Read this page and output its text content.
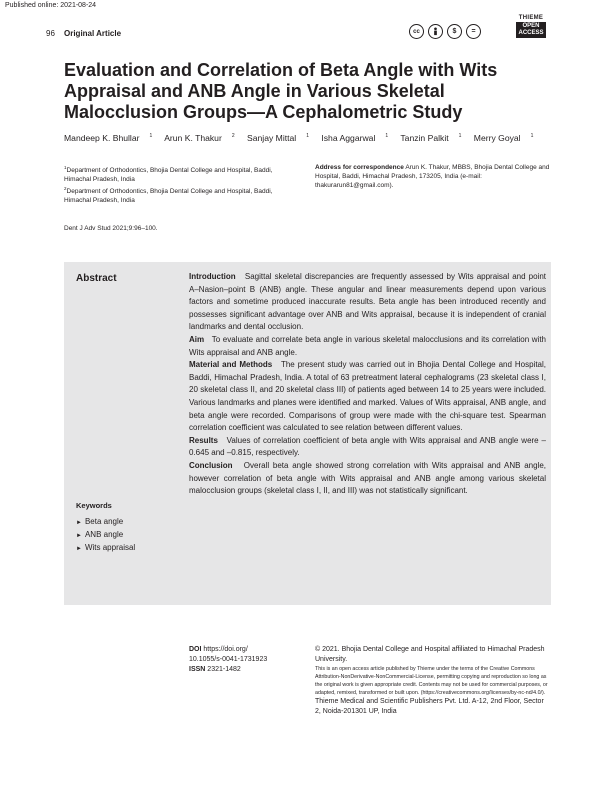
Published online: 2021-08-24
96 Original Article	cc	$ =
THIEME
OPEN
ACCESS
Evaluation and Correlation of Beta Angle with Wits Appraisal and ANB Angle in Various Skeletal Malocclusion Groups—A Cephalometric Study
Mandeep K. Bhullar $^1$ Arun K. Thakur $^2$ Sanjay Mittal $^1$ Isha Aggarwal $^1$ Tanzin Palkit $^1$ Merry Goyal $^1$
$^1$Department of Orthodontics, Bhojia Dental College and Hospital, Baddi, Himachal Pradesh, India
$^2$Department of Orthodontics, Bhojia Dental College and Hospital, Baddi, Himachal Pradesh, India
Address for correspondence Arun K. Thakur, MBBS, Bhojia Dental College and Hospital, Baddi, Himachal Pradesh, 173205, India (e-mail: thakurarun81@gmail.com).
Dent J Adv Stud 2021;9:96–100.
Abstract	Introduction Sagittal skeletal discrepancies are frequently assessed by Wits appraisal and point A–Nasion–point B (ANB) angle. These angular and linear measurements depend upon various factors and sometime produced inaccurate results. Beta angle has been introduced recently and possesses significant advantage over ANB and Wits appraisal, because it is independent of cranial landmarks and dental occlusion.

Aim To evaluate and correlate beta angle in various skeletal malocclusions and its correlation with Wits appraisal and ANB angle.

Material and Methods The present study was carried out in Bhojia Dental College and Hospital, Baddi, Himachal Pradesh, India. A total of 63 pretreatment lateral cephalograms (23 skeletal class I, 20 skeletal class II, and 20 skeletal class III) of patients aged between 14 to 25 years were included. Various landmarks and planes were identified and marked. Values of Wits appraisal, ANB angle, and beta angle were recorded. Comparisons of group were made with the chi-square test. Spearman correlation coefficient was calculated to see relation between different values.

Results Values of correlation coefficient of beta angle with Wits appraisal and ANB angle were –0.645 and –0.815, respectively.

Conclusion Overall beta angle showed strong correlation with Wits appraisal and ANB angle, however correlation of beta angle with Wits appraisal and ANB angle among various skeletal malocclusion groups (skeletal class I, II, and III) was not statistically significant.

Keywords
► Beta angle
► ANB angle
► Wits appraisal
DOI https://doi.org/
10.1055/s-0041-1731923
ISSN 2321-1482
© 2021. Bhojia Dental College and Hospital affiliated to Himachal Pradesh University.
This is an open access article published by Thieme under the terms of the Creative Commons Attribution-NonDerivative-NonCommercial-License, permitting copying and reproduction so long as the original work is given appropriate credit. Contents may not be used for commercial purposes, or adapted, remixed, transformed or built upon. (https://creativecommons.org/licenses/by-nc-nd/4.0/).
Thieme Medical and Scientific Publishers Pvt. Ltd. A-12, 2nd Floor, Sector 2, Noida-201301 UP, India
